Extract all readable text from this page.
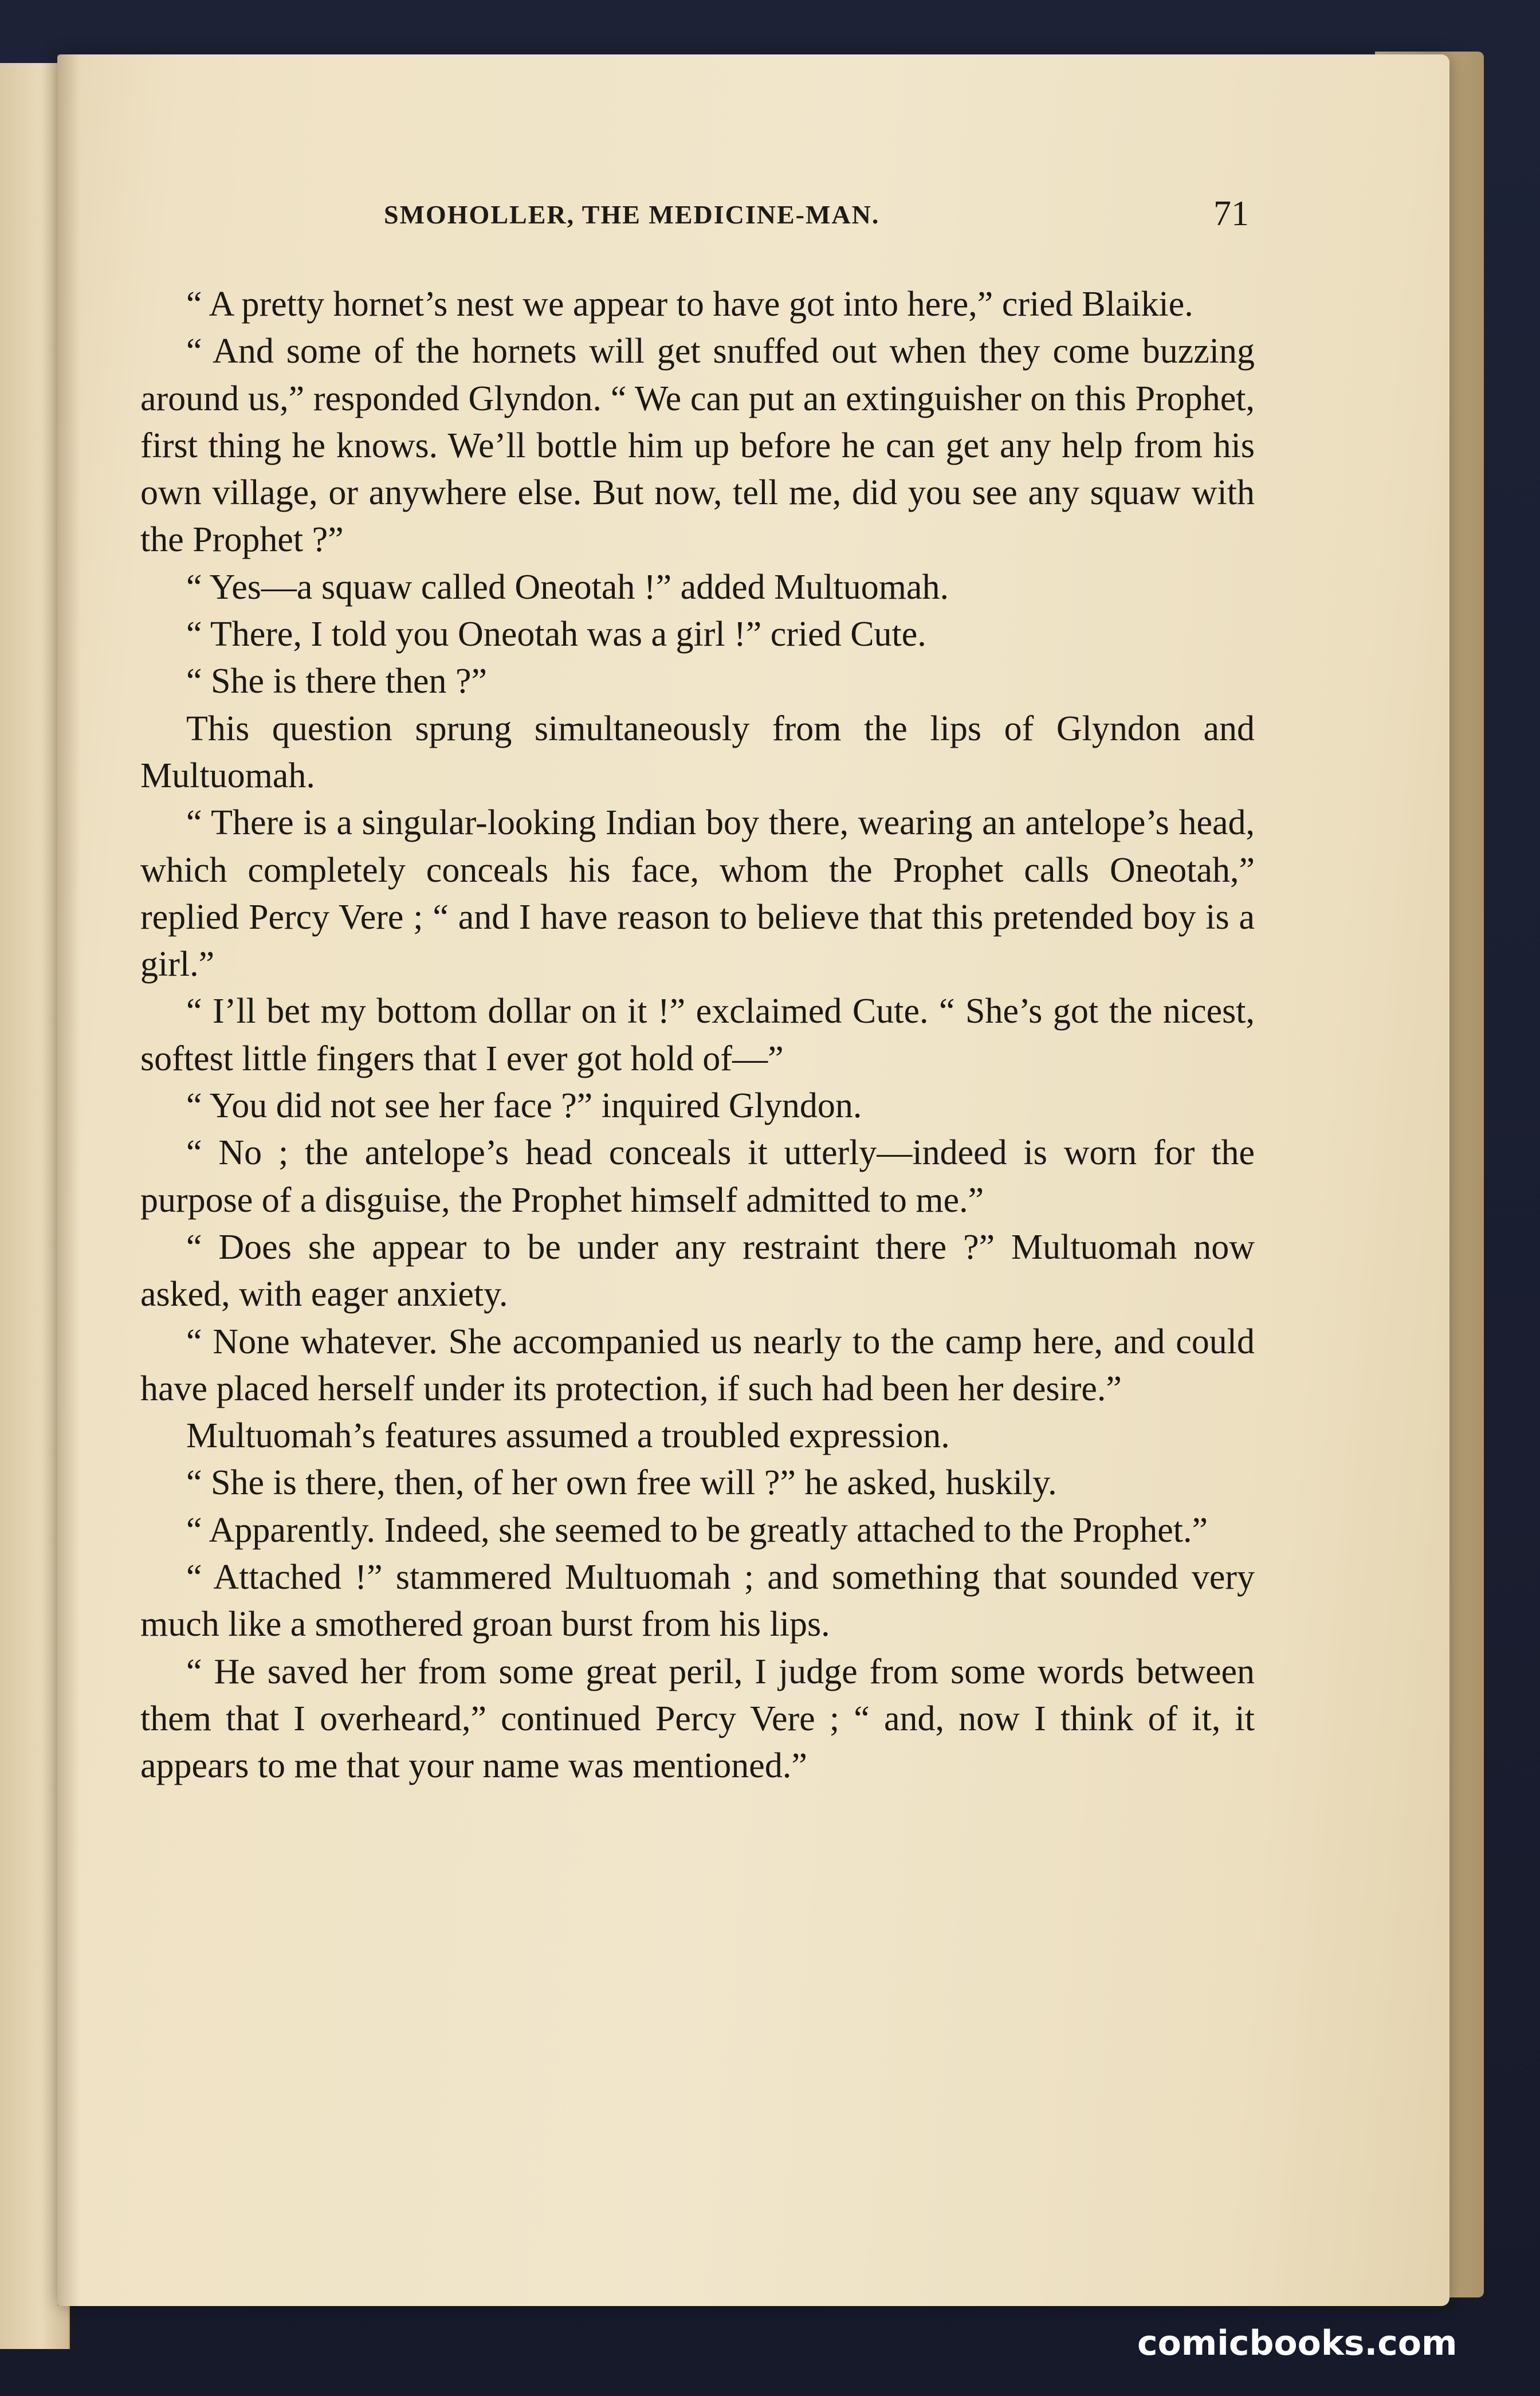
SMOHOLLER, THE MEDICINE-MAN.	71

“ A pretty hornet’s nest we appear to have got into here,” cried Blaikie.

“ And some of the hornets will get snuffed out when they come buzzing around us,” responded Glyndon. “ We can put an extinguisher on this Prophet, first thing he knows. We’ll bottle him up before he can get any help from his own village, or anywhere else. But now, tell me, did you see any squaw with the Prophet ?”

“ Yes—a squaw called Oneotah !” added Multuomah.

“ There, I told you Oneotah was a girl !” cried Cute.

“ She is there then ?”

This question sprung simultaneously from the lips of Glyndon and Multuomah.

“ There is a singular-looking Indian boy there, wearing an antelope’s head, which completely conceals his face, whom the Prophet calls Oneotah,” replied Percy Vere ; “ and I have reason to believe that this pretended boy is a girl.”

“ I’ll bet my bottom dollar on it !” exclaimed Cute. “ She’s got the nicest, softest little fingers that I ever got hold of—”

“ You did not see her face ?” inquired Glyndon.

“ No ; the antelope’s head conceals it utterly—indeed is worn for the purpose of a disguise, the Prophet himself admitted to me.”

“ Does she appear to be under any restraint there ?” Multuomah now asked, with eager anxiety.

“ None whatever. She accompanied us nearly to the camp here, and could have placed herself under its protection, if such had been her desire.”

Multuomah’s features assumed a troubled expression.

“ She is there, then, of her own free will ?” he asked, huskily.

“ Apparently. Indeed, she seemed to be greatly attached to the Prophet.”

“ Attached !” stammered Multuomah ; and something that sounded very much like a smothered groan burst from his lips.

“ He saved her from some great peril, I judge from some words between them that I overheard,” continued Percy Vere ; “ and, now I think of it, it appears to me that your name was mentioned.”

comicbooks.com
